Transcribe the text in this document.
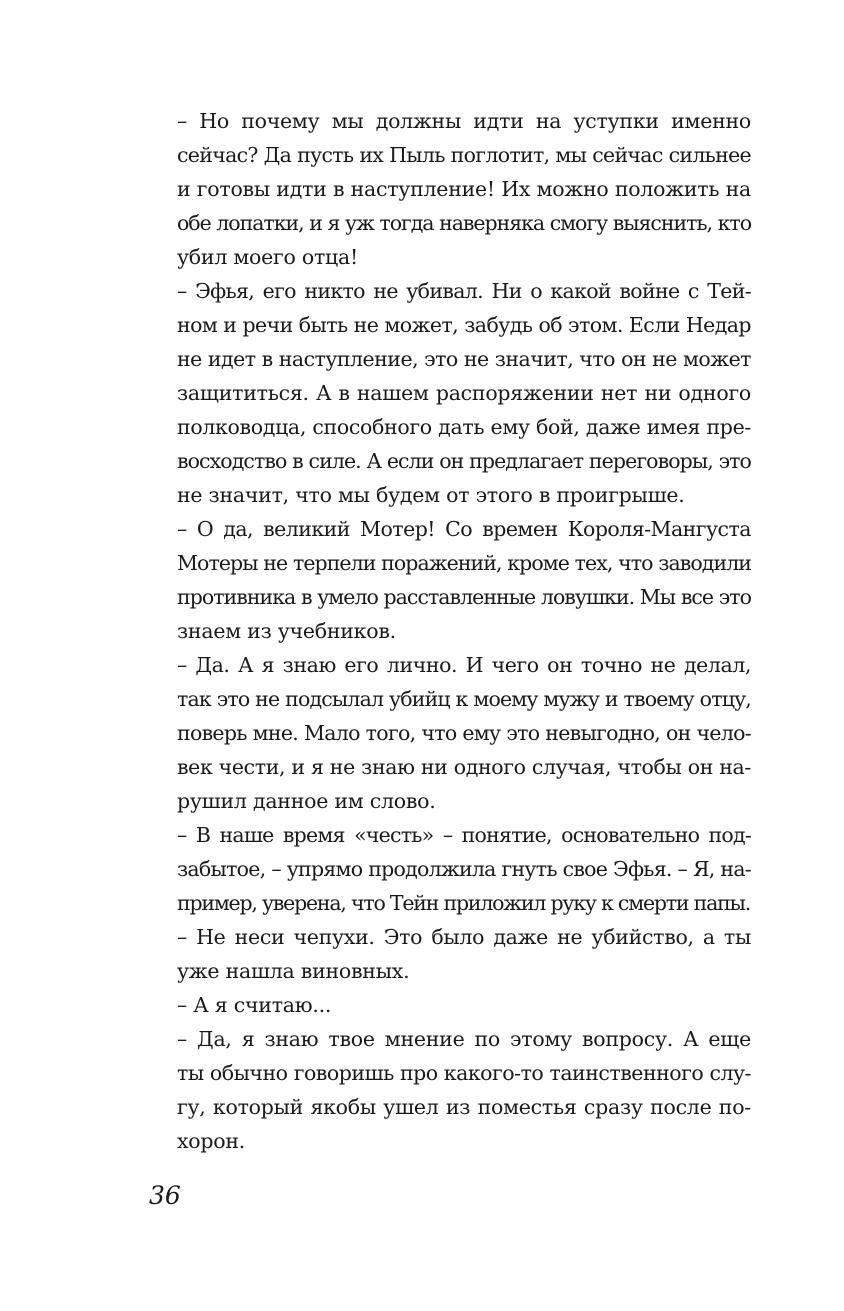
– Но почему мы должны идти на уступки именно
сейчас? Да пусть их Пыль поглотит, мы сейчас сильнее
и готовы идти в наступление! Их можно положить на
обе лопатки, и я уж тогда наверняка смогу выяснить, кто
убил моего отца!

– Эфья, его никто не убивал. Ни о какой войне с Тей-
ном и речи быть не может, забудь об этом. Если Недар
не идет в наступление, это не значит, что он не может
защититься. А в нашем распоряжении нет ни одного
полководца, способного дать ему бой, даже имея пре-
восходство в силе. А если он предлагает переговоры, это
не значит, что мы будем от этого в проигрыше.

– О да, великий Мотер! Со времен Короля-Мангуста
Мотеры не терпели поражений, кроме тех, что заводили
противника в умело расставленные ловушки. Мы все это
знаем из учебников.

– Да. А я знаю его лично. И чего он точно не делал,
так это не подсылал убийц к моему мужу и твоему отцу,
поверь мне. Мало того, что ему это невыгодно, он чело-
век чести, и я не знаю ни одного случая, чтобы он на-
рушил данное им слово.

– В наше время «честь» – понятие, основательно под-
забытое, – упрямо продолжила гнуть свое Эфья. – Я, на-
пример, уверена, что Тейн приложил руку к смерти папы.

– Не неси чепухи. Это было даже не убийство, а ты
уже нашла виновных.

– А я считаю...

– Да, я знаю твое мнение по этому вопросу. А еще
ты обычно говоришь про какого-то таинственного слу-
гу, который якобы ушел из поместья сразу после по-
хорон.

36
